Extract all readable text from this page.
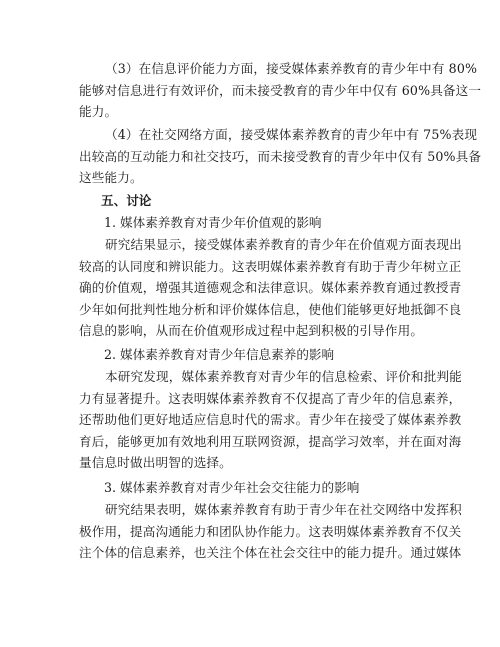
（3）在信息评价能力方面，接受媒体素养教育的青少年中有 80%
能够对信息进行有效评价，而未接受教育的青少年中仅有 60%具备这一
能力。
（4）在社交网络方面，接受媒体素养教育的青少年中有 75%表现
出较高的互动能力和社交技巧，而未接受教育的青少年中仅有 50%具备
这些能力。
五、讨论
1. 媒体素养教育对青少年价值观的影响
研究结果显示，接受媒体素养教育的青少年在价值观方面表现出
较高的认同度和辨识能力。这表明媒体素养教育有助于青少年树立正
确的价值观，增强其道德观念和法律意识。媒体素养教育通过教授青
少年如何批判性地分析和评价媒体信息，使他们能够更好地抵御不良
信息的影响，从而在价值观形成过程中起到积极的引导作用。
2. 媒体素养教育对青少年信息素养的影响
本研究发现，媒体素养教育对青少年的信息检索、评价和批判能
力有显著提升。这表明媒体素养教育不仅提高了青少年的信息素养，
还帮助他们更好地适应信息时代的需求。青少年在接受了媒体素养教
育后，能够更加有效地利用互联网资源，提高学习效率，并在面对海
量信息时做出明智的选择。
3. 媒体素养教育对青少年社会交往能力的影响
研究结果表明，媒体素养教育有助于青少年在社交网络中发挥积
极作用，提高沟通能力和团队协作能力。这表明媒体素养教育不仅关
注个体的信息素养，也关注个体在社会交往中的能力提升。通过媒体
